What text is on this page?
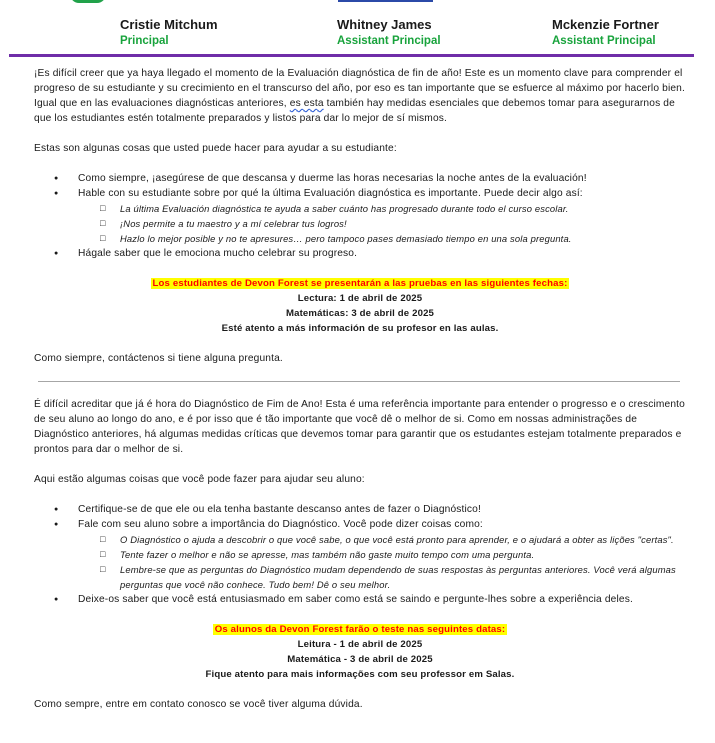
Cristie Mitchum
Principal
Whitney James
Assistant Principal
Mckenzie Fortner
Assistant Principal

¡Es difícil creer que ya haya llegado el momento de la Evaluación diagnóstica de fin de año! Este es un momento clave para comprender el progreso de su estudiante y su crecimiento en el transcurso del año, por eso es tan importante que se esfuerce al máximo por hacerlo bien. Igual que en las evaluaciones diagnósticas anteriores, es esta también hay medidas esenciales que debemos tomar para asegurarnos de que los estudiantes estén totalmente preparados y listos para dar lo mejor de sí mismos.

Estas son algunas cosas que usted puede hacer para ayudar a su estudiante:

● Como siempre, ¡asegúrese de que descansa y duerme las horas necesarias la noche antes de la evaluación!
● Hable con su estudiante sobre por qué la última Evaluación diagnóstica es importante. Puede decir algo así:
□ La última Evaluación diagnóstica te ayuda a saber cuánto has progresado durante todo el curso escolar.
□ ¡Nos permite a tu maestro y a mí celebrar tus logros!
□ Hazlo lo mejor posible y no te apresures… pero tampoco pases demasiado tiempo en una sola pregunta.
● Hágale saber que le emociona mucho celebrar su progreso.
Los estudiantes de Devon Forest se presentarán a las pruebas en las siguientes fechas:
Lectura: 1 de abril de 2025
Matemáticas: 3 de abril de 2025
Esté atento a más información de su profesor en las aulas.

Como siempre, contáctenos si tiene alguna pregunta.

É difícil acreditar que já é hora do Diagnóstico de Fim de Ano! Esta é uma referência importante para entender o progresso e o crescimento de seu aluno ao longo do ano, e é por isso que é tão importante que você dê o melhor de si. Como em nossas administrações de Diagnóstico anteriores, há algumas medidas críticas que devemos tomar para garantir que os estudantes estejam totalmente preparados e prontos para dar o melhor de si.

Aqui estão algumas coisas que você pode fazer para ajudar seu aluno:

● Certifique-se de que ele ou ela tenha bastante descanso antes de fazer o Diagnóstico!
● Fale com seu aluno sobre a importância do Diagnóstico. Você pode dizer coisas como:
□ O Diagnóstico o ajuda a descobrir o que você sabe, o que você está pronto para aprender, e o ajudará a obter as lições "certas".
□ Tente fazer o melhor e não se apresse, mas também não gaste muito tempo com uma pergunta.
□ Lembre-se que as perguntas do Diagnóstico mudam dependendo de suas respostas às perguntas anteriores. Você verá algumas perguntas que você não conhece. Tudo bem! Dê o seu melhor.
● Deixe-os saber que você está entusiasmado em saber como está se saindo e pergunte-lhes sobre a experiência deles.
Os alunos da Devon Forest farão o teste nas seguintes datas:
Leitura - 1 de abril de 2025
Matemática - 3 de abril de 2025
Fique atento para mais informações com seu professor em Salas.

Como sempre, entre em contato conosco se você tiver alguma dúvida.
